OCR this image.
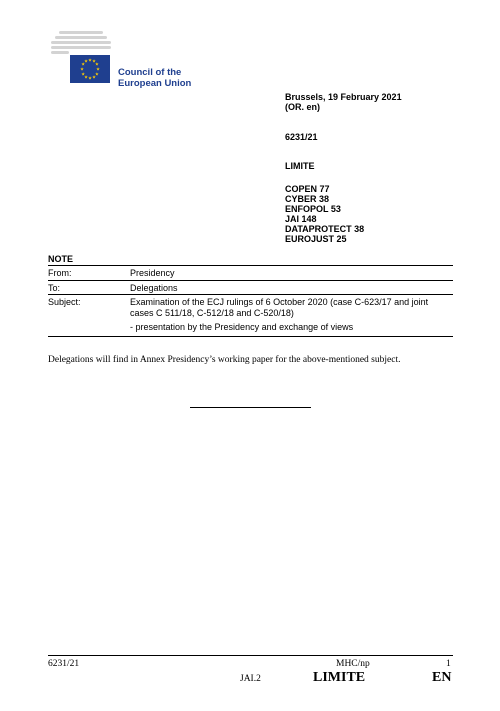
★ ★
★
★
★
★
★
★
★
★
★
★
Council of the
European Union
Brussels, 19 February 2021
(OR. en)
6231/21
LIMITE
COPEN 77
CYBER 38
ENFOPOL 53
JAI 148
DATAPROTECT 38
EUROJUST 25
NOTE
From:	Presidency
To:	Delegations
Subject:	Examination of the ECJ rulings of 6 October 2020 (case C-623/17 and joint cases C 511/18, C-512/18 and C-520/18)
- presentation by the Presidency and exchange of views
Delegations will find in Annex Presidency’s working paper for the above-mentioned subject.
6231/21	MHC/np	1
JAI.2	LIMITE	EN
